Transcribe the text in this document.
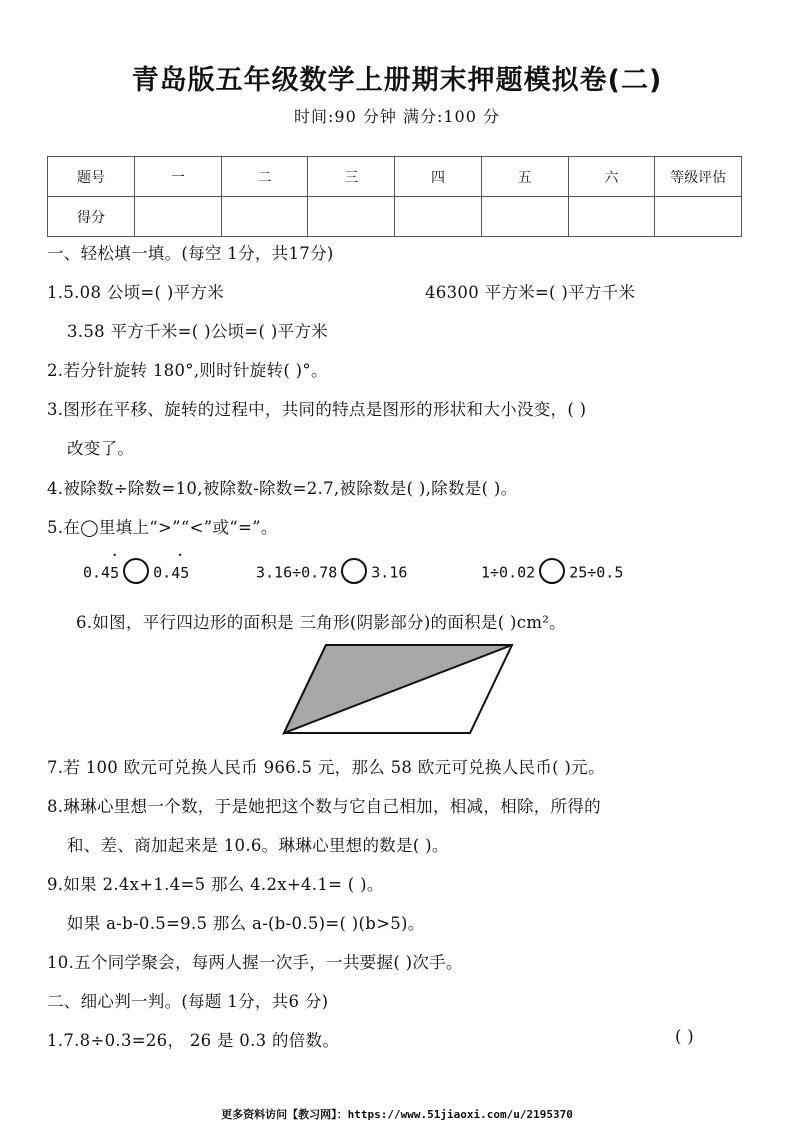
青岛版五年级数学上册期末押题模拟卷(二)
时间:90 分钟 满分:100 分
题号	一	二	三	四	五	六	等级评估
得分							
一、轻松填一填。(每空 1分，共17分)
1.5.08 公顷=( )平方米	46300 平方米=( )平方千米
3.58 平方千米=( )公顷=( )平方米
2.若分针旋转 180°,则时针旋转( )°。
3.图形在平移、旋转的过程中，共同的特点是图形的形状和大小没变，( )
改变了。
4.被除数÷除数=10,被除数-除数=2.7,被除数是( ),除数是( )。
5.在◯里填上“>”“<”或“=”。
0.4• 5 0.• 45	3.16÷0.78 3.16	1÷0.02 25÷0.5
6.如图，平行四边形的面积是 三角形(阴影部分)的面积是( )cm²。
7.若 100 欧元可兑换人民币 966.5 元，那么 58 欧元可兑换人民币( )元。
8.琳琳心里想一个数，于是她把这个数与它自己相加，相减，相除，所得的
和、差、商加起来是 10.6。琳琳心里想的数是( )。
9.如果 2.4x+1.4=5 那么 4.2x+4.1= ( )。
如果 a-b-0.5=9.5 那么 a-(b-0.5)=( )(b>5)。
10.五个同学聚会，每两人握一次手，一共要握( )次手。
二、细心判一判。(每题 1分，共6 分)
1.7.8÷0.3=26， 26 是 0.3 的倍数。	( )
更多资料访问【教习网】：https://www.51jiaoxi.com/u/2195370
